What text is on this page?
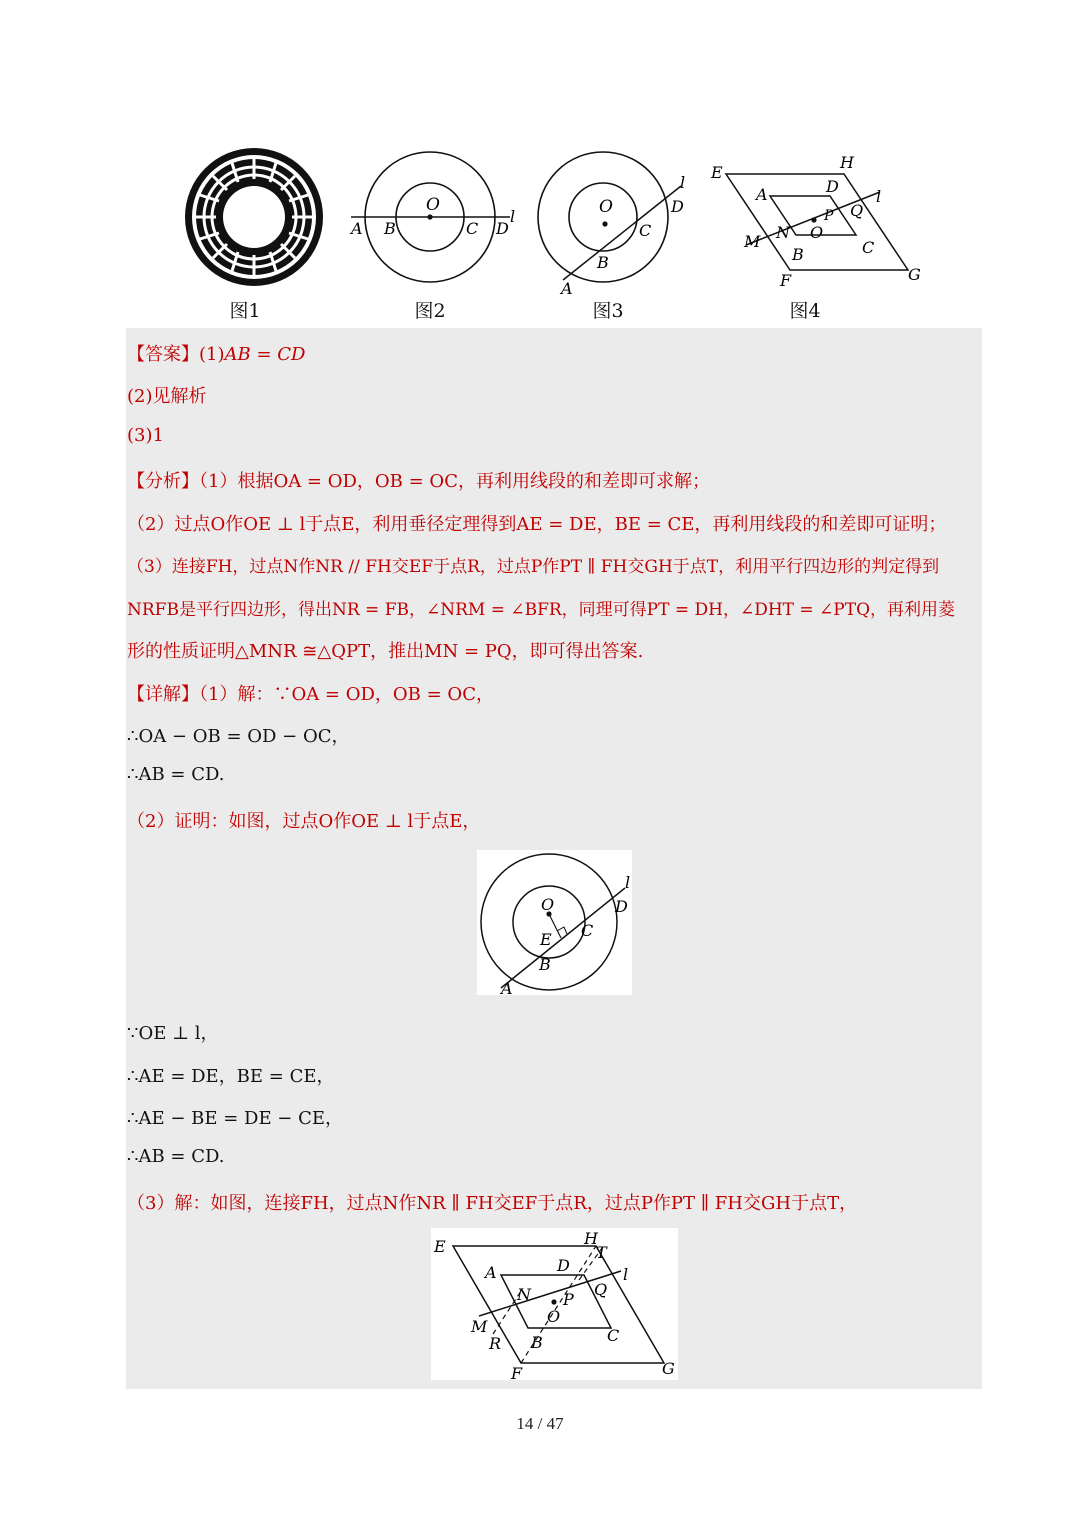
图1
O
A B	C D
l
图2
O
A
B
C
D
l
图3
E
H
A	D
Q
l
P
O
N
M
B	C
F	G
图4
【答案】(1)AB = CD
(2)见解析
(3)1
【分析】（1）根据OA = OD，OB = OC，再利用线段的和差即可求解；
（2）过点O作OE ⊥ l于点E，利用垂径定理得到AE = DE，BE = CE，再利用线段的和差即可证明；
（3）连接FH，过点N作NR // FH交EF于点R，过点P作PT ∥ FH交GH于点T，利用平行四边形的判定得到
NRFB是平行四边形，得出NR = FB，∠NRM = ∠BFR，同理可得PT = DH，∠DHT = ∠PTQ，再利用菱
形的性质证明△MNR ≅△QPT，推出MN = PQ，即可得出答案.
【详解】（1）解：∵OA = OD，OB = OC，
∴OA − OB = OD − OC，
∴AB = CD.
（2）证明：如图，过点O作OE ⊥ l于点E，
O
E C
D
l
B
A
∵OE ⊥ l，
∴AE = DE，BE = CE，
∴AE − BE = DE − CE，
∴AB = CD.
（3）解：如图，连接FH，过点N作NR ∥ FH交EF于点R，过点P作PT ∥ FH交GH于点T，
E	H
T
A	D
Q
l
P
O
N
M
R B	C
F	G
14 / 47
